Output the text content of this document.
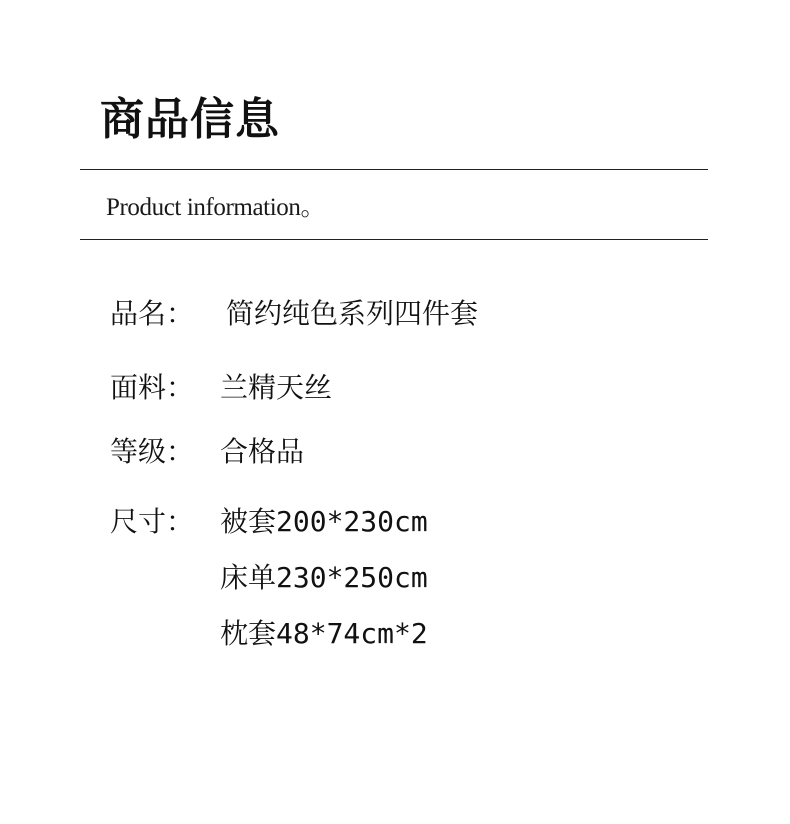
商品信息
Product information。
品名： 简约纯色系列四件套
面料： 兰精天丝
等级： 合格品
尺寸： 被套200*230cm
床单230*250cm
枕套48*74cm*2
